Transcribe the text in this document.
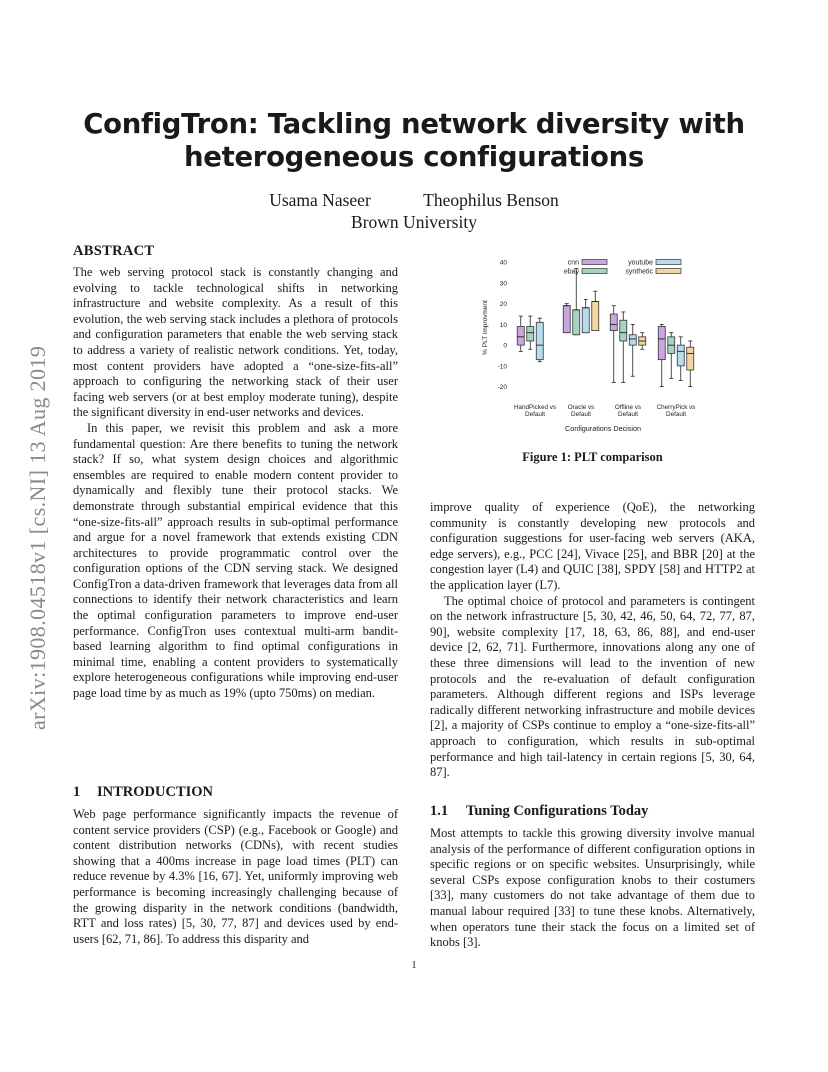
arXiv:1908.04518v1 [cs.NI] 13 Aug 2019
ConfigTron: Tackling network diversity with
heterogeneous configurations
Usama Naseer	Theophilus Benson
Brown University
ABSTRACT

The web serving protocol stack is constantly changing and evolving to tackle technological shifts in networking infrastructure and website complexity. As a result of this evolution, the web serving stack includes a plethora of protocols and configuration parameters that enable the web serving stack to address a variety of realistic network conditions. Yet, today, most content providers have adopted a “one-size-fits-all” approach to configuring the networking stack of their user facing web servers (or at best employ moderate tuning), despite the significant diversity in end-user networks and devices.

In this paper, we revisit this problem and ask a more fundamental question: Are there benefits to tuning the network stack? If so, what system design choices and algorithmic ensembles are required to enable modern content provider to dynamically and flexibly tune their protocol stacks. We demonstrate through substantial empirical evidence that this “one-size-fits-all” approach results in sub-optimal performance and argue for a novel framework that extends existing CDN architectures to provide programmatic control over the configuration options of the CDN serving stack. We designed ConfigTron a data-driven framework that leverages data from all connections to identify their network characteristics and learn the optimal configuration parameters to improve end-user performance. ConfigTron uses contextual multi-arm bandit-based learning algorithm to find optimal configurations in minimal time, enabling a content providers to systematically explore heterogeneous configurations while improving end-user page load time by as much as 19% (upto 750ms) on median.

1 INTRODUCTION

Web page performance significantly impacts the revenue of content service providers (CSP) (e.g., Facebook or Google) and content distribution networks (CDNs), with recent studies showing that a 400ms increase in page load times (PLT) can reduce revenue by 4.3% [16, 67]. Yet, uniformly improving web performance is becoming increasingly challenging because of the growing disparity in the network conditions (bandwidth, RTT and loss rates) [5, 30, 77, 87] and devices used by end-users [62, 71, 86]. To address this disparity and

-20
-10
0
10
20
30
40
% PLT improvment
HandPicked vs
Default
Oracle vs
Default
Offline vs
Default
CherryPick vs
Default
Configurations Decision
cnn
ebay
youtube
synthetic
Figure 1: PLT comparison

improve quality of experience (QoE), the networking community is constantly developing new protocols and configuration suggestions for user-facing web servers (AKA, edge servers), e.g., PCC [24], Vivace [25], and BBR [20] at the congestion layer (L4) and QUIC [38], SPDY [58] and HTTP2 at the application layer (L7).

The optimal choice of protocol and parameters is contingent on the network infrastructure [5, 30, 42, 46, 50, 64, 72, 77, 87, 90], website complexity [17, 18, 63, 86, 88], and end-user device [2, 62, 71]. Furthermore, innovations along any one of these three dimensions will lead to the invention of new protocols and the re-evaluation of default configuration parameters. Although different regions and ISPs leverage radically different networking infrastructure and mobile devices [2], a majority of CSPs continue to employ a “one-size-fits-all” approach to configuration, which results in sub-optimal performance and high tail-latency in certain regions [5, 30, 64, 87].

1.1 Tuning Configurations Today

Most attempts to tackle this growing diversity involve manual analysis of the performance of different configuration options in specific regions or on specific websites. Unsurprisingly, while several CSPs expose configuration knobs to their costumers [33], many customers do not take advantage of them due to manual labour required [33] to tune these knobs. Alternatively, when operators tune their stack the focus on a limited set of knobs [3].

1
